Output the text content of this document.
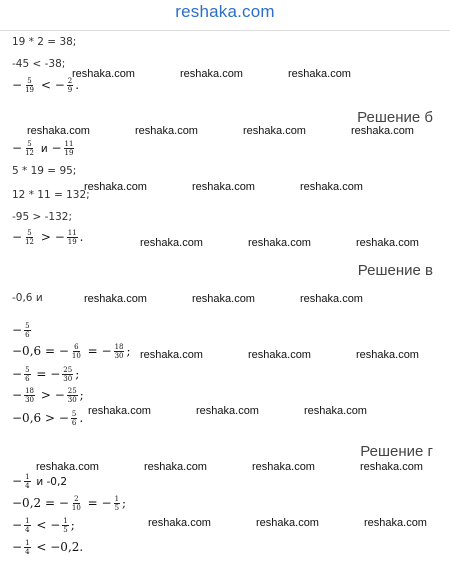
reshaka.com
19 * 2 = 38;
-45 < -38;
− $\frac{5}{19}$ < − $\frac{2}{9}$ .
reshaka.com	reshaka.com	reshaka.com
Решение б
reshaka.com	reshaka.com	reshaka.com	reshaka.com
− $\frac{5}{12}$ $и - \frac{11}{19}$
5 * 19 = 95;
reshaka.com	reshaka.com	reshaka.com
12 * 11 = 132;
-95 > -132;
− $\frac{5}{12}$ > − $\frac{11}{19}$ .	reshaka.com	reshaka.com	reshaka.com
Решение в
-0,6 и	reshaka.com	reshaka.com	reshaka.com
− $\frac{5}{6}$
−0,6 = − $\frac{6}{10}$ = − $\frac{18}{30}$ ; reshaka.com	reshaka.com	reshaka.com
− $\frac{5}{6}$ = − $\frac{25}{30}$ ;
− $\frac{18}{30}$ > − $\frac{25}{30}$ ;
reshaka.com	reshaka.com	reshaka.com
−0,6 > − $\frac{5}{6}$ .
Решение г
reshaka.com	reshaka.com	reshaka.com	reshaka.com
− $\frac{1}{4}$ и -0,2
−0,2 = − $\frac{2}{10}$ = − $\frac{1}{5}$ ;
− $\frac{1}{4}$ < − $\frac{1}{5}$ ;	reshaka.com	reshaka.com	reshaka.com
− $\frac{1}{4} < -0,2$.
